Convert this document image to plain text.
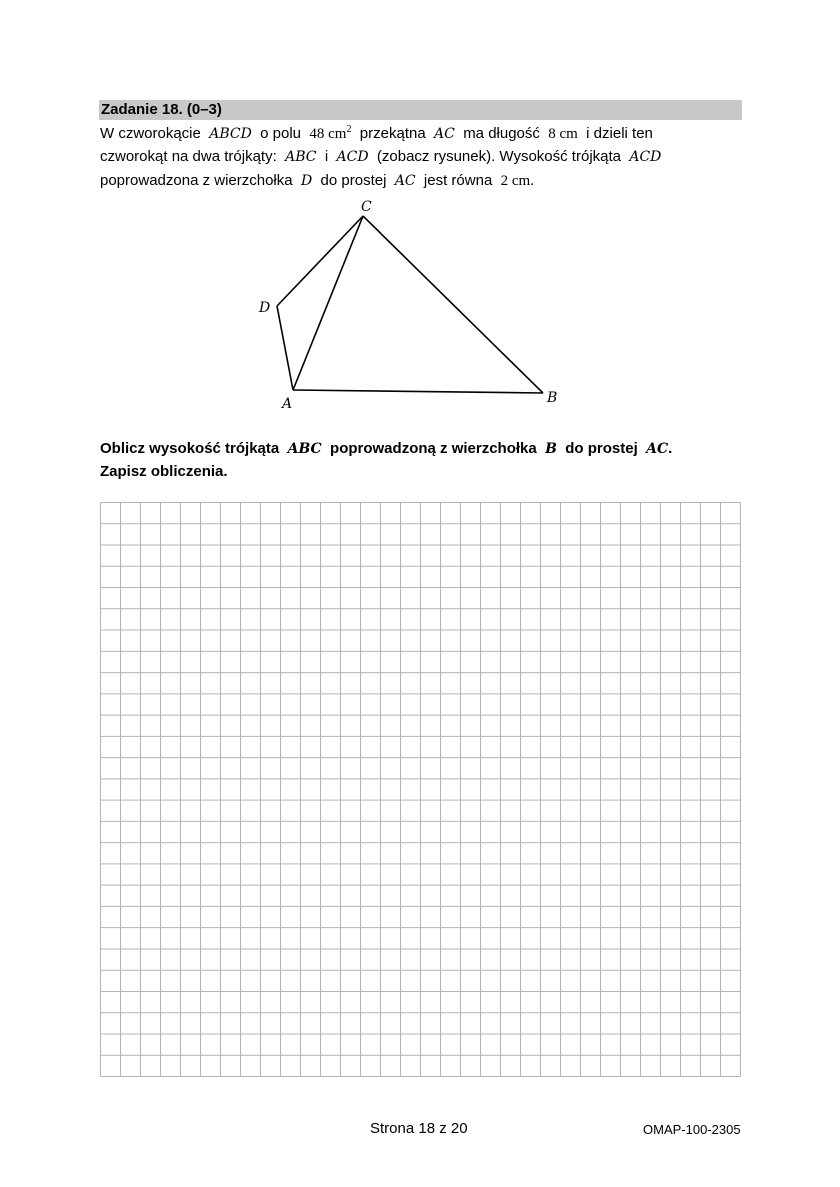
Zadanie 18. (0–3)
W czworokącie ABCD o polu 48 $cm^2$ przekątna AC ma długość 8 cm i dzieli ten
czworokąt na dwa trójkąty: ABC i ACD (zobacz rysunek). Wysokość trójkąta ACD
poprowadzona z wierzchołka D do prostej AC jest równa 2 cm.
C
D
A	B
Oblicz wysokość trójkąta ABC poprowadzoną z wierzchołka B do prostej AC.
Zapisz obliczenia.
Strona 18 z 20	OMAP-100-2305
